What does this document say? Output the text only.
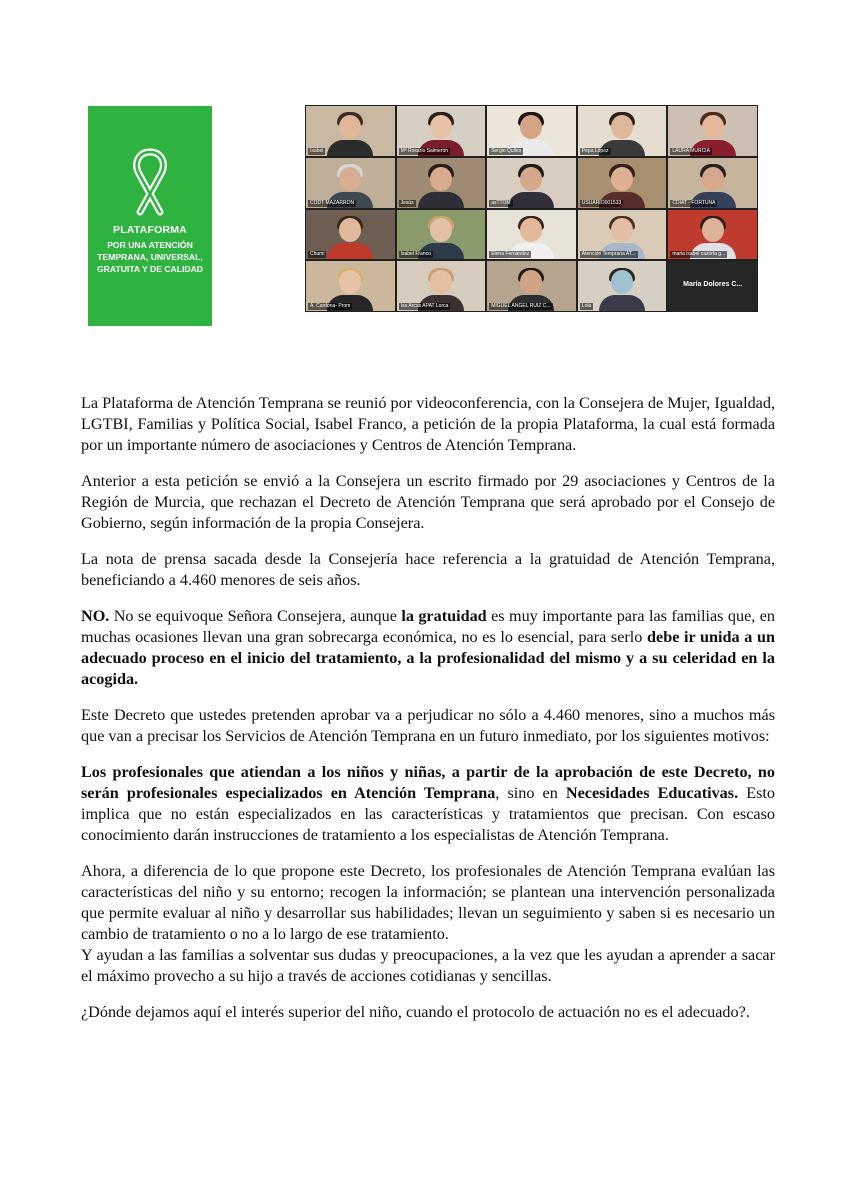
PLATAFORMA
POR UNA ATENCIÓN TEMPRANA, UNIVERSAL, GRATUITA Y DE CALIDAD
Isabel	Mª Rosario Salmerón	Sergio Quiles	Pepa López	LAURA MURCIA
CODT MAZARRÓN	Jesús	asTTOM	USUARIO001533	CDIAT - FORTUNA
Chumi	Isabel Franco	Elena Fernández	Atención Temprana AT...	maria isabel cazorla g...
A. Cardona- Prom	Isa Arcas APAT Lorca	MIGUEL ÁNGEL RUIZ C...	Lola
María Dolores C...

La Plataforma de Atención Temprana se reunió por videoconferencia, con la Consejera de Mujer, Igualdad, LGTBI, Familias y Política Social, Isabel Franco, a petición de la propia Plataforma, la cual está formada por un importante número de asociaciones y Centros de Atención Temprana.

Anterior a esta petición se envió a la Consejera un escrito firmado por 29 asociaciones y Centros de la Región de Murcia, que rechazan el Decreto de Atención Temprana que será aprobado por el Consejo de Gobierno, según información de la propia Consejera.

La nota de prensa sacada desde la Consejería hace referencia a la gratuidad de Atención Temprana, beneficiando a 4.460 menores de seis años.

NO. No se equivoque Señora Consejera, aunque la gratuidad es muy importante para las familias que, en muchas ocasiones llevan una gran sobrecarga económica, no es lo esencial, para serlo debe ir unida a un adecuado proceso en el inicio del tratamiento, a la profesionalidad del mismo y a su celeridad en la acogida.

Este Decreto que ustedes pretenden aprobar va a perjudicar no sólo a 4.460 menores, sino a muchos más que van a precisar los Servicios de Atención Temprana en un futuro inmediato, por los siguientes motivos:

Los profesionales que atiendan a los niños y niñas, a partir de la aprobación de este Decreto, no serán profesionales especializados en Atención Temprana, sino en Necesidades Educativas. Esto implica que no están especializados en las características y tratamientos que precisan. Con escaso conocimiento darán instrucciones de tratamiento a los especialistas de Atención Temprana.

Ahora, a diferencia de lo que propone este Decreto, los profesionales de Atención Temprana evalúan las características del niño y su entorno; recogen la información; se plantean una intervención personalizada que permite evaluar al niño y desarrollar sus habilidades; llevan un seguimiento y saben si es necesario un cambio de tratamiento o no a lo largo de ese tratamiento.

Y ayudan a las familias a solventar sus dudas y preocupaciones, a la vez que les ayudan a aprender a sacar el máximo provecho a su hijo a través de acciones cotidianas y sencillas.

¿Dónde dejamos aquí el interés superior del niño, cuando el protocolo de actuación no es el adecuado?.
